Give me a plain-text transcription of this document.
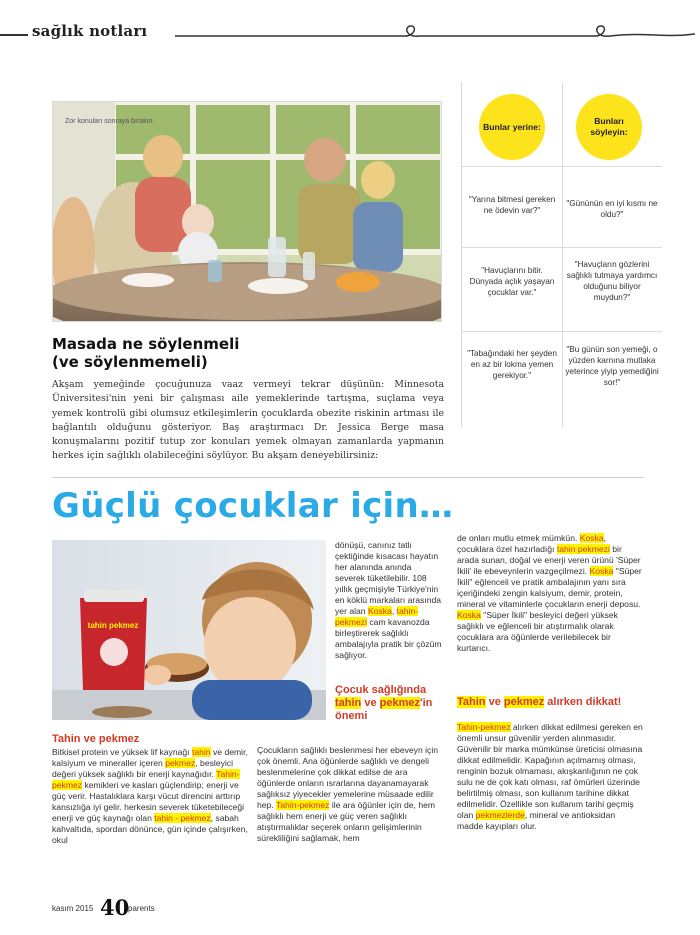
sağlık notları
Zor konuları sonraya bırakın.
Masada ne söylenmeli
(ve söylenmemeli)

Akşam yemeğinde çocuğunuza vaaz vermeyi tekrar düşünün: Minnesota Üniversitesi'nin yeni bir çalışması aile yemeklerinde tartışma, suçlama veya yemek kontrolü gibi olumsuz etkileşimlerin çocuklarda obezite riskinin artması ile bağlantılı olduğunu gösteriyor. Baş araştırmacı Dr. Jessica Berge masa konuşmalarını pozitif tutup zor konuları yemek olmayan zamanlarda yapmanın herkes için sağlıklı olabileceğini söylüyor. Bu akşam deneyebilirsiniz:

Bunlar yerine:
Bunları söyleyin:
"Yarına bitmesi gereken ne ödevin var?"
"Gününün en iyi kısmı ne oldu?"
"Havuçlarını bitir. Dünyada açlık yaşayan çocuklar var."
"Havuçların gözlerini sağlıklı tutmaya yardımcı olduğunu biliyor muydun?"
"Tabağındaki her şeyden en az bir lokma yemen gerekiyor."
"Bu günün son yemeği, o yüzden karnına mutlaka yeterince yiyip yemediğini sor!"
Güçlü çocuklar için…
tahin pekmez
Tahin ve pekmez
Bitkisel protein ve yüksek lif kaynağı tahin ve demir, kalsiyum ve mineraller içeren pekmez, besleyici değeri yüksek sağlıklı bir enerji kaynağıdır. Tahin-pekmez kemikleri ve kasları güçlendirip; enerji ve güç verir. Hastalıklara karşı vücut direncini arttırıp kansızlığa iyi gelir. herkesin severek tüketebileceği enerji ve güç kaynağı olan tahin - pekmez, sabah kahvaltıda, spordan dönünce, gün içinde çalışırken, okul
dönüşü, canınız tatlı çektiğinde kısacası hayatın her alanında anında severek tüketilebilir. 108 yıllık geçmişiyle Türkiye'nin en köklü markaları arasında yer alan Koska, tahin-pekmezi cam kavanozda birleştirerek sağlıklı ambalajıyla pratik bir çözüm sağlıyor.
Çocuk sağlığında tahin ve pekmez'in önemi
Çocukların sağlıklı beslenmesi her ebeveyn için çok önemli. Ana öğünlerde sağlıklı ve dengeli beslenmelerine çok dikkat edilse de ara öğünlerde onların ısrarlarına dayanamayarak sağlıksız yiyecekler yemelerine müsaade edilir hep. Tahin-pekmez ile ara öğünler için de, hem sağlıklı hem enerji ve güç veren sağlıklı atıştırmalıklar seçerek onların gelişimlerinin sürekliliğini sağlamak, hem
de onları mutlu etmek mümkün. Koska, çocuklara özel hazırladığı tahin pekmezi bir arada sunan, doğal ve enerji veren ürünü 'Süper İkili' ile ebeveynlerin vazgeçilmezi. Koska "Süper İkili" eğlenceli ve pratik ambalajının yanı sıra içeriğindeki zengin kalsiyum, demir, protein, mineral ve vitaminlerle çocukların enerji deposu. Koska "Süper İkili" besleyici değeri yüksek sağlıklı ve eğlenceli bir atıştırmalık olarak çocuklara ara öğünlerde verilebilecek bir kurtarıcı.
Tahin ve pekmez alırken dikkat!
Tahin-pekmez alırken dikkat edilmesi gereken en önemli unsur güvenilir yerden alınmasıdır. Güvenilir bir marka mümkünse üreticisi olmasına dikkat edilmelidir. Kapağının açılmamış olması, renginin bozuk olmaması, akışkanlığının ne çok sulu ne de çok katı olması, raf ömürleri üzerinde belirtilmiş olması, son kullanım tarihine dikkat edilmelidir. Özellikle son kullanım tarihi geçmiş olan pekmezlerde, mineral ve antioksidan madde kayıpları olur.
kasım 2015 40
parents
